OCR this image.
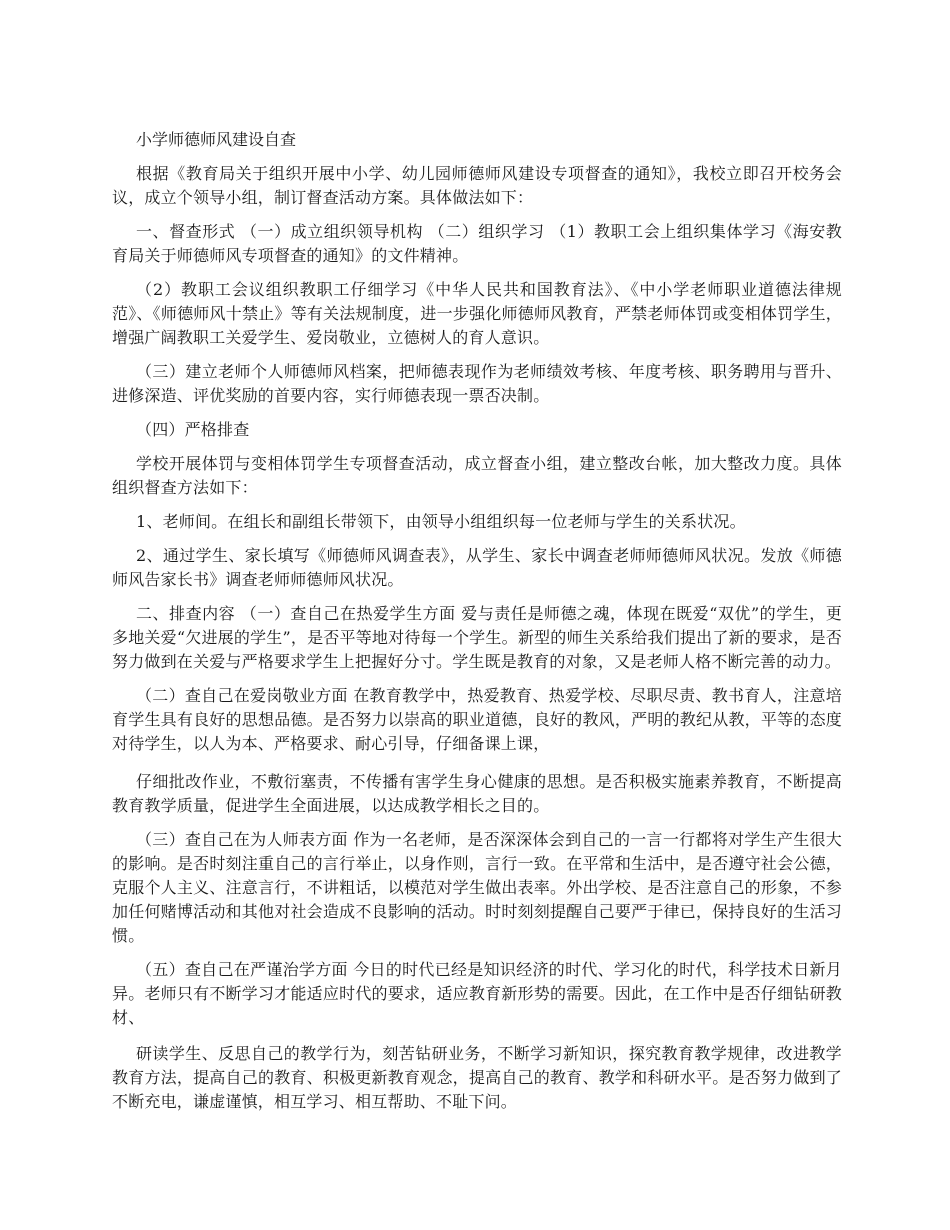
小学师德师风建设自查

根据《教育局关于组织开展中小学、幼儿园师德师风建设专项督查的通知》，我校立即召开校务会议，成立个领导小组，制订督查活动方案。具体做法如下：

一、督查形式 （一）成立组织领导机构 （二）组织学习 （1）教职工会上组织集体学习《海安教育局关于师德师风专项督查的通知》的文件精神。

（2）教职工会议组织教职工仔细学习《中华人民共和国教育法》、《中小学老师职业道德法律规范》、《师德师风十禁止》等有关法规制度，进一步强化师德师风教育，严禁老师体罚或变相体罚学生，增强广阔教职工关爱学生、爱岗敬业，立德树人的育人意识。

（三）建立老师个人师德师风档案，把师德表现作为老师绩效考核、年度考核、职务聘用与晋升、进修深造、评优奖励的首要内容，实行师德表现一票否决制。

（四）严格排查

学校开展体罚与变相体罚学生专项督查活动，成立督查小组，建立整改台帐，加大整改力度。具体组织督查方法如下：

1、老师间。在组长和副组长带领下，由领导小组组织每一位老师与学生的关系状况。

2、通过学生、家长填写《师德师风调查表》，从学生、家长中调查老师师德师风状况。发放《师德师风告家长书》调查老师师德师风状况。

二、排查内容 （一）查自己在热爱学生方面 爱与责任是师德之魂，体现在既爱“双优”的学生，更多地关爱“欠进展的学生”，是否平等地对待每一个学生。新型的师生关系给我们提出了新的要求，是否努力做到在关爱与严格要求学生上把握好分寸。学生既是教育的对象，又是老师人格不断完善的动力。

（二）查自己在爱岗敬业方面 在教育教学中，热爱教育、热爱学校、尽职尽责、教书育人，注意培育学生具有良好的思想品德。是否努力以崇高的职业道德，良好的教风，严明的教纪从教，平等的态度对待学生，以人为本、严格要求、耐心引导，仔细备课上课，

仔细批改作业，不敷衍塞责，不传播有害学生身心健康的思想。是否积极实施素养教育，不断提高教育教学质量，促进学生全面进展，以达成教学相长之目的。

（三）查自己在为人师表方面 作为一名老师，是否深深体会到自己的一言一行都将对学生产生很大的影响。是否时刻注重自己的言行举止，以身作则，言行一致。在平常和生活中，是否遵守社会公德，克服个人主义、注意言行，不讲粗话，以模范对学生做出表率。外出学校、是否注意自己的形象，不参加任何赌博活动和其他对社会造成不良影响的活动。时时刻刻提醒自己要严于律已，保持良好的生活习惯。

（五）查自己在严谨治学方面 今日的时代已经是知识经济的时代、学习化的时代，科学技术日新月异。老师只有不断学习才能适应时代的要求，适应教育新形势的需要。因此，在工作中是否仔细钻研教材、

研读学生、反思自己的教学行为，刻苦钻研业务，不断学习新知识，探究教育教学规律，改进教学教育方法，提高自己的教育、积极更新教育观念，提高自己的教育、教学和科研水平。是否努力做到了不断充电，谦虚谨慎，相互学习、相互帮助、不耻下问。
